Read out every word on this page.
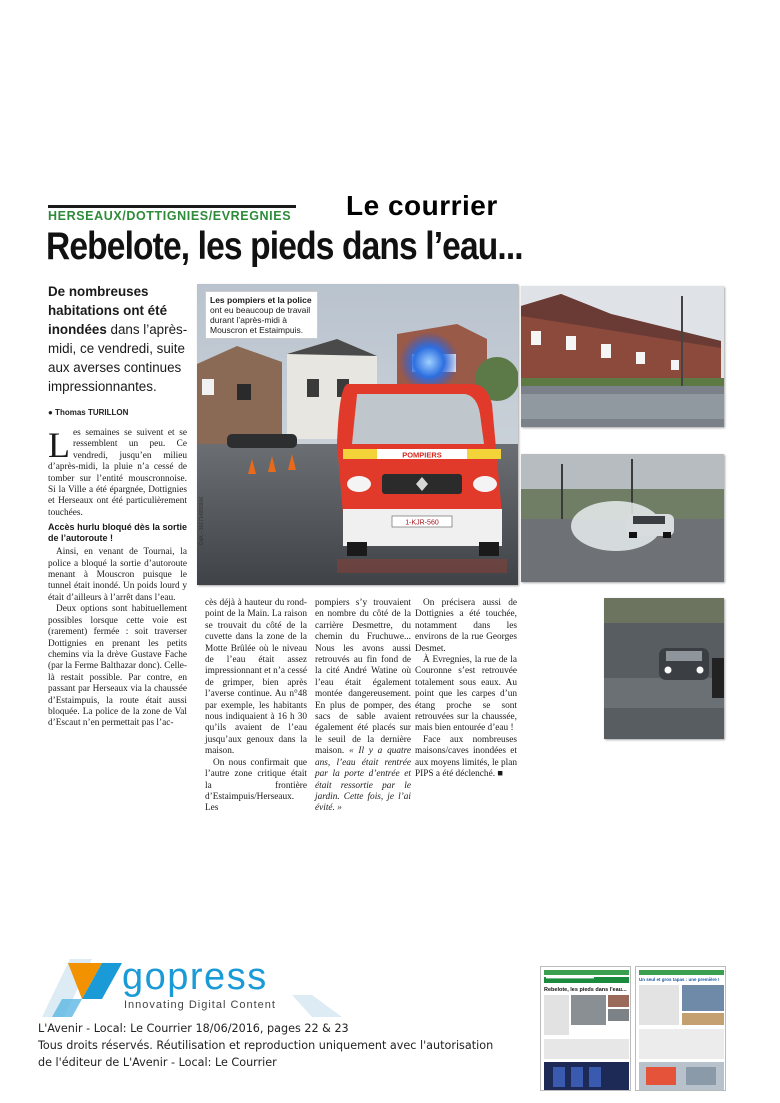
HERSEAUX/DOTTIGNIES/EVREGNIES Le courrier
Rebelote, les pieds dans l’eau...
De nombreuses habitations ont été inondées dans l’après-midi, ce vendredi, suite aux averses continues impressionnantes.
● Thomas TURILLON

Les semaines se suivent et se ressemblent un peu. Ce vendredi, jusqu’en milieu d’après-midi, la pluie n’a cessé de tomber sur l’entité mouscronnoise. Si la Ville a été épargnée, Dottignies et Herseaux ont été particulièrement touchées.

Accès hurlu bloqué dès la sortie de l’autoroute !

Ainsi, en venant de Tournai, la police a bloqué la sortie d’autoroute menant à Mouscron puisque le tunnel était inondé. Un poids lourd y était d’ailleurs à l’arrêt dans l’eau.

Deux options sont habituellement possibles lorsque cette voie est (rarement) fermée : soit traverser Dottignies en prenant les petits chemins via la drève Gustave Fache (par la Ferme Balthazar donc). Celle-là restait possible. Par contre, en passant par Herseaux via la chaussée d’Estaimpuis, la route était aussi bloquée. La police de la zone de Val d’Escaut n’en permettait pas l’ac-

POMPIERS
1-KJR-560
Les pompiers et la police ont eu beaucoup de travail durant l’après-midi à Mouscron et Estaimpuis.
ÉdA – 301714855906

cès déjà à hauteur du rond-point de la Main. La raison se trouvait du côté de la cuvette dans la zone de la Motte Brûlée où le niveau de l’eau était assez impressionnant et n’a cessé de grimper, bien après l’averse continue. Au n°48 par exemple, les habitants nous indiquaient à 16 h 30 qu’ils avaient de l’eau jusqu’aux genoux dans la maison.

On nous confirmait que l’autre zone critique était la frontière d’Estaimpuis/Herseaux. Les

pompiers s’y trouvaient en nombre du côté de la carrière Desmettre, du chemin du Fruchuwe... Nous les avons aussi retrouvés au fin fond de la cité André Watine où l’eau était également montée dangereusement. En plus de pomper, des sacs de sable avaient également été placés sur le seuil de la dernière maison. « Il y a quatre ans, l’eau était rentrée par la porte d’entrée et était ressortie par le jardin. Cette fois, je l’ai évité. »

On précisera aussi de Dottignies a été touchée, notamment dans les environs de la rue Georges Desmet.

À Evregnies, la rue de la Couronne s’est retrouvée totalement sous eaux. Au point que les carpes d’un étang proche se sont retrouvées sur la chaussée, mais bien entourée d’eau !

Face aux nombreuses maisons/caves inondées et aux moyens limités, le plan PIPS a été déclenché. ■

gopress
Innovating Digital Content
L'Avenir - Local: Le Courrier 18/06/2016, pages 22 & 23
Tous droits réservés. Réutilisation et reproduction uniquement avec l'autorisation
de l'éditeur de L'Avenir - Local: Le Courrier
Rebelote, les pieds dans l'eau...
Un seul et gros tapas : une première !
